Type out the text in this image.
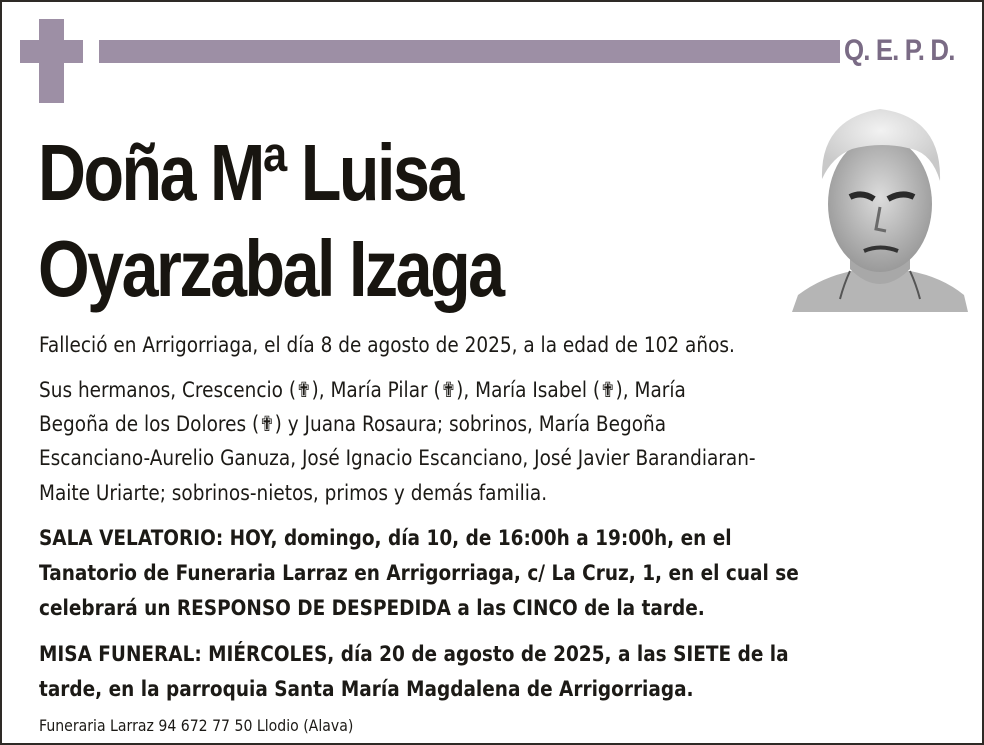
Q. E. P. D.
Doña Mª Luisa
Oyarzabal Izaga
Falleció en Arrigorriaga, el día 8 de agosto de 2025, a la edad de 102 años.
Sus hermanos, Crescencio (✟), María Pilar (✟), María Isabel (✟), María
Begoña de los Dolores (✟) y Juana Rosaura; sobrinos, María Begoña
Escanciano-Aurelio Ganuza, José Ignacio Escanciano, José Javier Barandiaran-
Maite Uriarte; sobrinos-nietos, primos y demás familia.
SALA VELATORIO: HOY, domingo, día 10, de 16:00h a 19:00h, en el
Tanatorio de Funeraria Larraz en Arrigorriaga, c/ La Cruz, 1, en el cual se
celebrará un RESPONSO DE DESPEDIDA a las CINCO de la tarde.
MISA FUNERAL: MIÉRCOLES, día 20 de agosto de 2025, a las SIETE de la
tarde, en la parroquia Santa María Magdalena de Arrigorriaga.
Funeraria Larraz 94 672 77 50 Llodio (Alava)
